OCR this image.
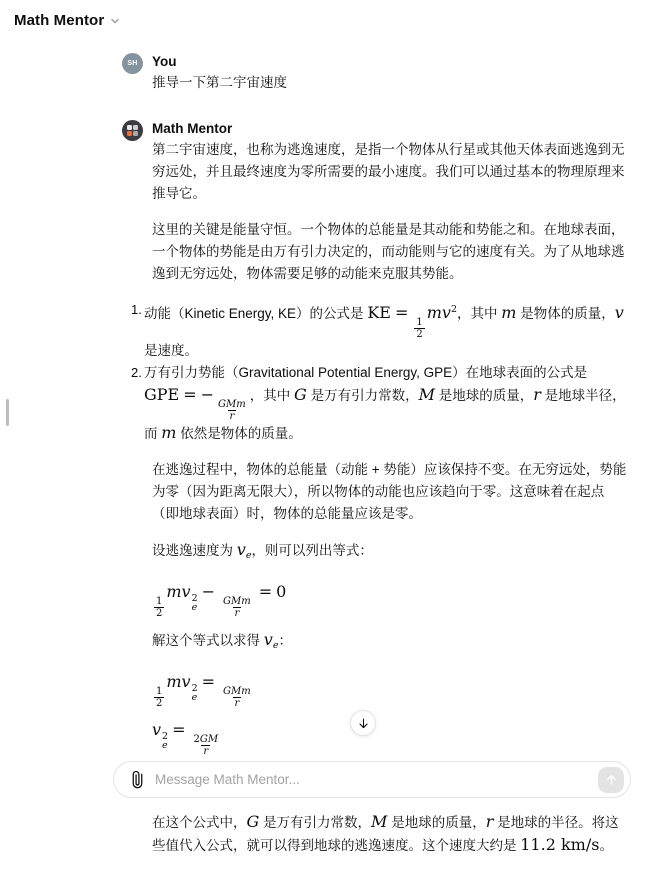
Math Mentor
SH You
推导一下第二宇宙速度
Math Mentor

第二宇宙速度，也称为逃逸速度，是指一个物体从行星或其他天体表面逃逸到无穷远处，并且最终速度为零所需要的最小速度。我们可以通过基本的物理原理来推导它。

这里的关键是能量守恒。一个物体的总能量是其动能和势能之和。在地球表面，一个物体的势能是由万有引力决定的，而动能则与它的速度有关。为了从地球逃逸到无穷远处，物体需要足够的动能来克服其势能。

1. 动能（Kinetic Energy, KE）的公式是 KE =
$\frac{1}{2}$
$mv^2$，其中 m 是物体的质量，v 是速度。
2. 万有引力势能（Gravitational Potential Energy, GPE）在地球表面的公式是 GPE = −
$\frac{\text{GMm}}{r}$
，其中 G 是万有引力常数，M 是地球的质量，r 是地球半径，而 m 依然是物体的质量。

在逃逸过程中，物体的总能量（动能 + 势能）应该保持不变。在无穷远处，势能为零（因为距离无限大），所以物体的动能也应该趋向于零。这意味着在起点（即地球表面）时，物体的总能量应该是零。

设逃逸速度为 ve，则可以列出等式：

$\frac{1}{2}$
mv 2
e
−
$\frac{\text{GMm}}{r}$
= 0

解这个等式以求得 ve：

$\frac{1}{2}$
mv 2
e
=
$\frac{\text{GMm}}{r}$
v 2
e
=
$\frac{2GM}{r}$

在这个公式中，G 是万有引力常数，M 是地球的质量，r 是地球的半径。将这些值代入公式，就可以得到地球的逃逸速度。这个速度大约是 11.2 km/s。

Message Math Mentor...
